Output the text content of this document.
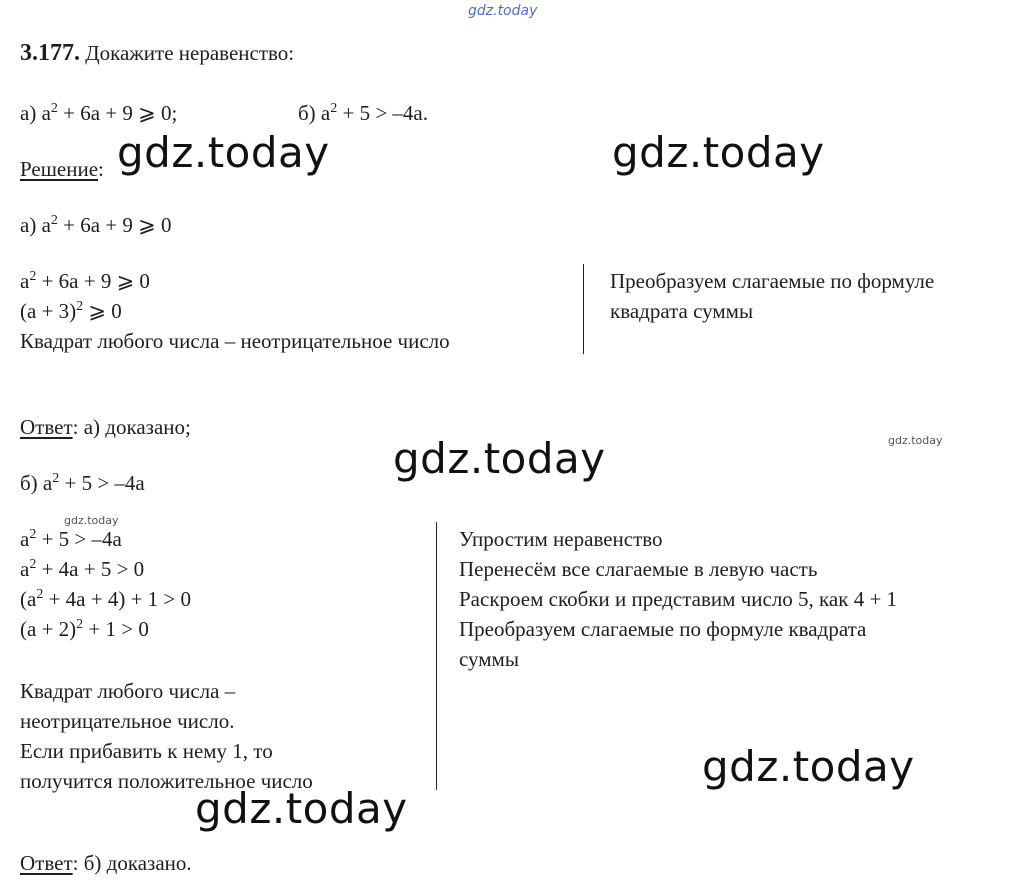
gdz.today
3.177. Докажите неравенство:
а) $a^2 + 6a + 9$ ⩾ 0;	б) $a^2 + 5 > -4a$.
Решение:
а) $a^2 + 6a + 9$ ⩾ 0
$a^2 + 6a + 9$ ⩾ 0
$(a + 3)^2$ ⩾ 0
Квадрат любого числа – неотрицательное число
Преобразуем слагаемые по формуле
квадрата суммы
Ответ: а) доказано;
б) $a^2 + 5 > -4a$
$a^2 + 5 > -4a$
$a^2 + 4a + 5 > 0$
$(a^2 + 4a + 4) + 1 > 0$
$(a + 2)^2 + 1 > 0$
Квадрат любого числа –
неотрицательное число.
Если прибавить к нему 1, то
получится положительное число
Упростим неравенство
Перенесём все слагаемые в левую часть
Раскроем скобки и представим число 5, как 4 + 1
Преобразуем слагаемые по формуле квадрата
суммы
Ответ: б) доказано.
gdz.today	gdz.today
gdz.today
gdz.today
gdz.today
gdz.today
gdz.today
